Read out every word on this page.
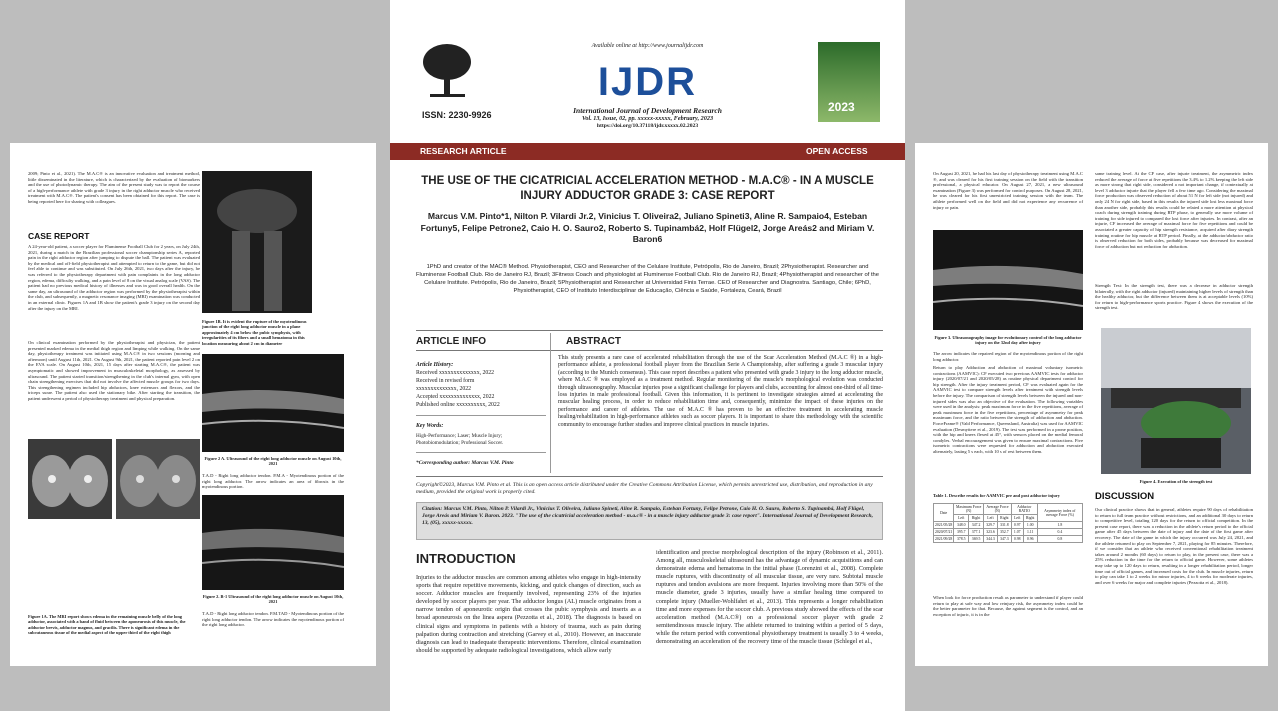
2009; Pinto et al., 2021). The M.A.C® is an innovative evaluation and treatment method, little disseminated in the literature, which is characterized by the evaluation of biomarkers and the use of photodynamic therapy. The aim of the present study was to report the course of a high-performance athlete with grade 3 injury in the right adductor muscle who received treatment with M.A.C®. The patient's consent has been obtained for this report. The case is being reported here for sharing with colleagues.
CASE REPORT
A 24-year-old patient, a soccer player for Fluminense Football Club for 2 years, on July 24th, 2021, during a match in the Brazilian professional soccer championship series A, reported pain in the right adductor region after jumping to dispute the ball. The patient was evaluated by the medical and off-field physiotherapist and attempted to return to the game, but did not feel able to continue and was substituted. On July 26th, 2021, two days after the injury, he was referred to the physiotherapy department with pain complaints in the long adductor region, edema, difficulty walking, and a pain level of 8 on the visual analog scale (VAS). The patient had no previous medical history of illnesses and was in good overall health. On the same day, an ultrasound of the adductor region was performed by the physiotherapist within the club, and subsequently, a magnetic resonance imaging (MRI) examination was conducted in an external clinic. Figures 1A and 1B show the patient's grade 3 injury on the second day after the injury on the MRI.
On clinical examination performed by the physiotherapist and physician, the patient presented marked edema in the medial thigh region and limping while walking. On the same day, physiotherapy treatment was initiated using M.A.C® in two sessions (morning and afternoon) until August 11th, 2021. On August 9th, 2021, the patient reported pain level 2 on the EVA scale. On August 10th, 2021, 15 days after starting M.A.C®, the patient was asymptomatic and showed improvement in musculoskeletal morphology, as assessed by ultrasound. The patient started transition/strengthening in the club's internal gym, with open chain strengthening exercises that did not involve the affected muscle groups for two days. This strengthening regimen included hip abductors, knee extensors and flexors, and the triceps surae. The patient also used the stationary bike. After starting the transition, the patient underwent a period of physiotherapy treatment and physical preparation.
Figure 1A. The MRI report shows edema in the remaining muscle belly of the long adductor, associated with a band of fluid between the aponeurosis of this muscle, the adductor brevis, adductor magnus, and gracilis. There is significant edema in the subcutaneous tissue of the medial aspect of the upper third of the right thigh
Figure 1B. It is evident the rupture of the myotendinous junction of the right long adductor muscle in a plane approximately 4 cm below the pubic symphysis, with irregularities of its fibers and a small hematoma in this location measuring about 2 cm in diameter
Figure 2 A. Ultrasound of the right long adductor muscle on August 10th, 2021
T.A.D - Right long adductor tendon. P.M.A - Myotendinous portion of the right long adductor. The arrow indicates an area of fibrosis in the myotendinous portion.
Figure 2. B-1 Ultrasound of the right long adductor muscle on August 10th, 2021
T.A.D - Right long adductor tendon. P.M.TAD - Myotendinous portion of the right long adductor tendon. The arrow indicates the myotendinous portion of the right long adductor.
Available online at http://www.journalijdr.com
IJDR
ISSN: 2230-9926	International Journal of Development Research
Vol. 13, Issue, 02, pp. xxxxx-xxxxx, February, 2023
https://doi.org/10.37118/ijdr.xxxxx.02.2023
2023
RESEARCH ARTICLE	OPEN ACCESS
THE USE OF THE CICATRICIAL ACCELERATION METHOD - M.A.C® - IN A MUSCLE INJURY ADDUCTOR GRADE 3: CASE REPORT
Marcus V.M. Pinto*1, Nilton P. Vilardi Jr.2, Vinicius T. Oliveira2, Juliano Spineti3, Aline R. Sampaio4, Esteban Fortuny5, Felipe Petrone2, Caio H. O. Sauro2, Roberto S. Tupinambá2, Holf Flügel2, Jorge Areás2 and Miriam V. Baron6
1PhD and creator of the MAC® Method. Physiotherapist, CEO and Researcher of the Celulare Institute, Petrópolis, Rio de Janeiro, Brazil; 2Physiotherapist. Researcher and Fluminense Football Club. Rio de Janeiro RJ, Brazil; 3Fitness Coach and physiologist at Fluminense Football Club. Rio de Janeiro RJ, Brazil; 4Physiotherapist and researcher of the Celulare Institute. Petrópolis, Rio de Janeiro, Brazil; 5Physiotherapist and Researcher at Universidad Finis Terrae. CEO of Researcher and Diagnostra. Santiago, Chile; 6PhD, Physiotherapist, CEO of Instituto Interdisciplinar de Educação, Ciência e Saúde, Fortaleza, Ceará, Brazil
ARTICLE INFO	ABSTRACT
Article History:
Received xxxxxxxxxxxxxx, 2022
Received in revised form
xxxxxxxxxxxxxx, 2022
Accepted xxxxxxxxxxxxxx, 2022
Published online xxxxxxxxxx, 2022
Key Words:
High-Performance; Laser; Muscle Injury; Photobiomodulation; Professional Soccer.
*Corresponding author: Marcus V.M. Pinto
This study presents a rare case of accelerated rehabilitation through the use of the Scar Acceleration Method (M.A.C ®) in a high-performance athlete, a professional football player from the Brazilian Serie A Championship, after suffering a grade 3 muscular injury (according to the Munich consensus). This case report describes a patient who presented with grade 3 injury to the long adductor muscle, where M.A.C ® was employed as a treatment method. Regular monitoring of the muscle's morphological evolution was conducted through ultrasonography. Muscular injuries pose a significant challenge for players and clubs, accounting for almost one-third of all time-loss injuries in male professional football. Given this information, it is pertinent to investigate strategies aimed at accelerating the muscular healing process, in order to reduce rehabilitation time and, consequently, minimize the impact of these injuries on the performance and career of athletes. The use of M.A.C ® has proven to be an effective treatment in accelerating muscle healing/rehabilitation in high-performance athletes such as soccer players. It is important to share this methodology with the scientific community to encourage further studies and improve clinical practices in muscle injuries.
Copyright©2023, Marcus V.M. Pinto et al. This is an open access article distributed under the Creative Commons Attribution License, which permits unrestricted use, distribution, and reproduction in any medium, provided the original work is properly cited.
Citation: Marcus V.M. Pinto, Nilton P. Vilardi Jr., Vinicius T. Oliveira, Juliano Spineti, Aline R. Sampaio, Esteban Fortuny, Felipe Petrone, Caio H. O. Sauro, Roberto S. Tupinambá, Holf Flügel, Jorge Areás and Miriam V. Baron. 2023. "The use of the cicatricial acceleration method - m.a.c® - in a muscle injury adductor grade 3: case report". International Journal of Development Research, 13, (05), xxxxx-xxxxx.
INTRODUCTION
Injuries to the adductor muscles are common among athletes who engage in high-intensity sports that require repetitive movements, kicking, and quick changes of direction, such as soccer. Adductor muscles are frequently involved, representing 23% of the injuries developed by soccer players per year. The adductor longus (AL) muscle originates from a narrow tendon of aponeurotic origin that crosses the pubic symphysis and inserts as a broad aponeurosis on the linea aspera (Pezzotta et al., 2018). The diagnosis is based on clinical signs and symptoms in patients with a history of trauma, such as pain during palpation during contraction and stretching (Garvey et al., 2010). However, an inaccurate diagnosis can lead to inadequate therapeutic interventions. Therefore, clinical examination should be supported by adequate radiological investigations, which allow early
identification and precise morphological description of the injury (Robinson et al., 2011). Among all, musculoskeletal ultrasound has the advantage of dynamic acquisitions and can demonstrate edema and hematoma in the initial phase (Lorenzini et al., 2008). Complete muscle ruptures, with discontinuity of all muscular tissue, are very rare. Subtotal muscle ruptures and tendon avulsions are more frequent. Injuries involving more than 50% of the muscle diameter, grade 3 injuries, usually have a similar healing time compared to complete injury (Mueller-Wohlfahrt et al., 2013). This represents a longer rehabilitation time and more expenses for the soccer club. A previous study showed the effects of the scar acceleration method (M.A.C®) on a professional soccer player with grade 2 semitendinosus muscle injury. The athlete returned to training within a period of 5 days, while the return period with conventional physiotherapy treatment is usually 3 to 4 weeks, demonstrating an acceleration of the recovery time of the muscle tissue (Schlegel et al.,
On August 20, 2021, he had his last day of physiotherapy treatment using M.A.C ®, and was cleared for his first training session on the field with the transition professional, a physical educator. On August 27, 2021, a new ultrasound examination (Figure 3) was performed for control purposes. On August 28, 2021, he was cleared for his first unrestricted training session with the team. The athlete performed well on the field and did not experience any recurrence of injury or pain.
Figure 3. Ultrasonography image for evolutionary control of the long adductor injury on the 32nd day after injury
The arrow indicates the repaired region of the myotendinous portion of the right long adductor.
Return to play Adduction and abduction of maximal voluntary isometric contractions (AAMVIC): CF executed two previous AAMVIC tests for adductor injury (2020/07/21 and 2020/05/28) as routine physical department control for hip strength. After the injury treatment period, CF was evaluated again for the AAMVIC test to compare strength levels after treatment with strength levels before the injury. The comparison of strength levels between the injured and non-injured sides was also an objective of the evaluation. The following variables were used in the analysis: peak maximum force in the five repetitions, average of peak maximum force in the five repetitions, percentage of asymmetry for peak maximum force, and the ratio between the strength of adduction and abduction. ForceFrame® (Vald Performance, Queensland, Australia) was used for AAMVIC evaluation (Desmyttere et al., 2019). The test was performed in a prone position, with the hip and knees flexed at 45°, with sensors placed on the medial femoral condyles. Verbal encouragement was given to ensure maximal contractions. Five isometric contractions were requested for adduction and abduction executed alternately, lasting 5 s each, with 10 s of rest between them.
Table 1. Describe results for AAMVIC pre and post adductor injury
Date	Maximum Force (N)		Average Force (N)		Adductor RATIO		Asymmetry index of average Force (%)
	Left	Right	Left	Right	Left	Right	
2021/05/28	348.0	347.2	329.7	331.8	0.97	1.00	1.8
2020/07/21	395.7	377.1	323.6	352.7	1.07	1.11	0.4
2021/09/28	378.5	369.5	344.3	347.3	0.98	0.96	0.8
When look for force production result as parameter to understand if player could return to play at safe way and low reinjury risk, the asymmetry index could be the better parameter for that. Because, the against segment is the control, and an exception of injuric, it is in the
same training level. At the CF case, after injurie treatment, the asymmetric index reduced the average of force at five repetitions the 3.4% to 1.2% keeping the left side as more strong that right side, considered a not important change, if contextually at level 3 adductor injurie that the player fell a few time ago. Considering the maximal force production was observed reduction of about 51 N for left side (not injured) and only 24 N for right side, based in this results the injured side lost less maximal force than another side, probably this results could be related a more attention at physical coach during strength training during RTP phase, to generally use more volume of training for side injured to compared the lost force after injuries. In contrast, after an injurie, CF increased the average of maximal force for five repetitions and could be associated a greater capacity of hip strength resistance, acquired after diary strength training routine for hip muscle at RTP period. Finally, at the adductor/abductor ratio is observed reduction for both sides, probably because was decreased for maximal force of adduction but not reduction for abduction.
Strength Test: In the strength test, there was a decrease in adductor strength bilaterally, with the right adductor (injured) maintaining higher levels of strength than the healthy adductor, but the difference between them is at acceptable levels (10%) for return to high-performance sports practice. Figure 4 shows the execution of the strength test.
Figure 4. Execution of the strength test
DISCUSSION
Our clinical practice shows that in general, athletes require 90 days of rehabilitation to return to full team practice without restrictions, and an additional 30 days to return to competitive level, totaling 120 days for the return to official competition. In the present case report, there was a reduction in the athlete's return period to the official game after 45 days between the date of injury and the date of the first game after recovery. The date of the game in which the injury occurred was July 24, 2021, and the athlete returned to play on September 7, 2021, playing for 85 minutes. Therefore, if we consider that an athlete who received conventional rehabilitation treatment takes around 2 months (60 days) to return to play, in the present case, there was a 25% reduction in the time for the return to official game. However, some athletes may take up to 120 days to return, resulting in a longer rehabilitation period, longer time out of official games, and increased costs for the club. In muscle injuries, return to play can take 1 to 2 weeks for minor injuries, 4 to 6 weeks for moderate injuries, and over 6 weeks for major and complete injuries (Pezzotta et al., 2018).
